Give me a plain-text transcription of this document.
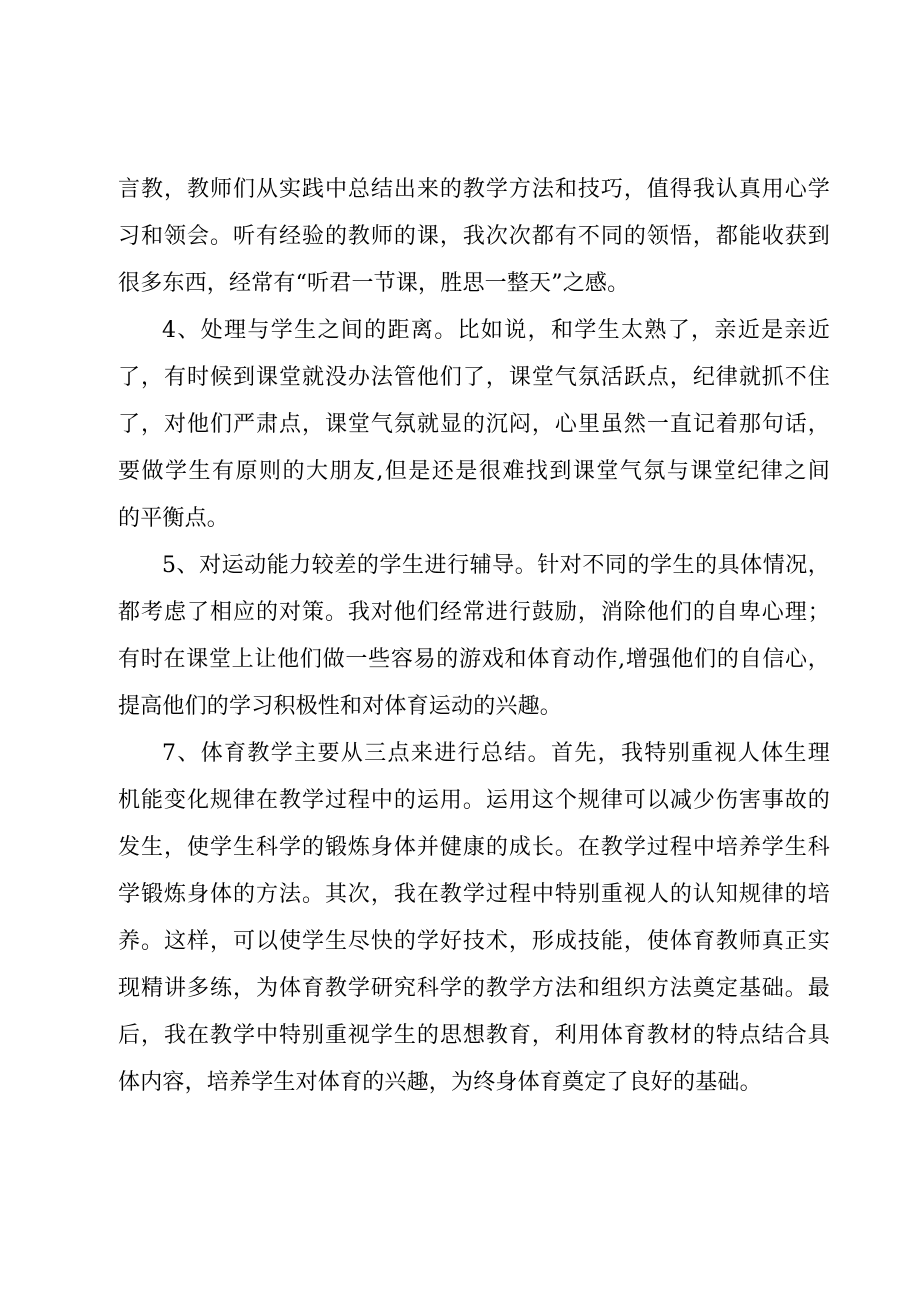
言教，教师们从实践中总结出来的教学方法和技巧，值得我认真用心学
习和领会。听有经验的教师的课，我次次都有不同的领悟，都能收获到
很多东西，经常有“听君一节课，胜思一整天”之感。
4、处理与学生之间的距离。比如说，和学生太熟了，亲近是亲近
了，有时候到课堂就没办法管他们了，课堂气氛活跃点，纪律就抓不住
了，对他们严肃点，课堂气氛就显的沉闷，心里虽然一直记着那句话，
要做学生有原则的大朋友,但是还是很难找到课堂气氛与课堂纪律之间
的平衡点。
5、对运动能力较差的学生进行辅导。针对不同的学生的具体情况，
都考虑了相应的对策。我对他们经常进行鼓励，消除他们的自卑心理；
有时在课堂上让他们做一些容易的游戏和体育动作,增强他们的自信心，
提高他们的学习积极性和对体育运动的兴趣。
7、体育教学主要从三点来进行总结。首先，我特别重视人体生理
机能变化规律在教学过程中的运用。运用这个规律可以减少伤害事故的
发生，使学生科学的锻炼身体并健康的成长。在教学过程中培养学生科
学锻炼身体的方法。其次，我在教学过程中特别重视人的认知规律的培
养。这样，可以使学生尽快的学好技术，形成技能，使体育教师真正实
现精讲多练，为体育教学研究科学的教学方法和组织方法奠定基础。最
后，我在教学中特别重视学生的思想教育，利用体育教材的特点结合具
体内容，培养学生对体育的兴趣，为终身体育奠定了良好的基础。
